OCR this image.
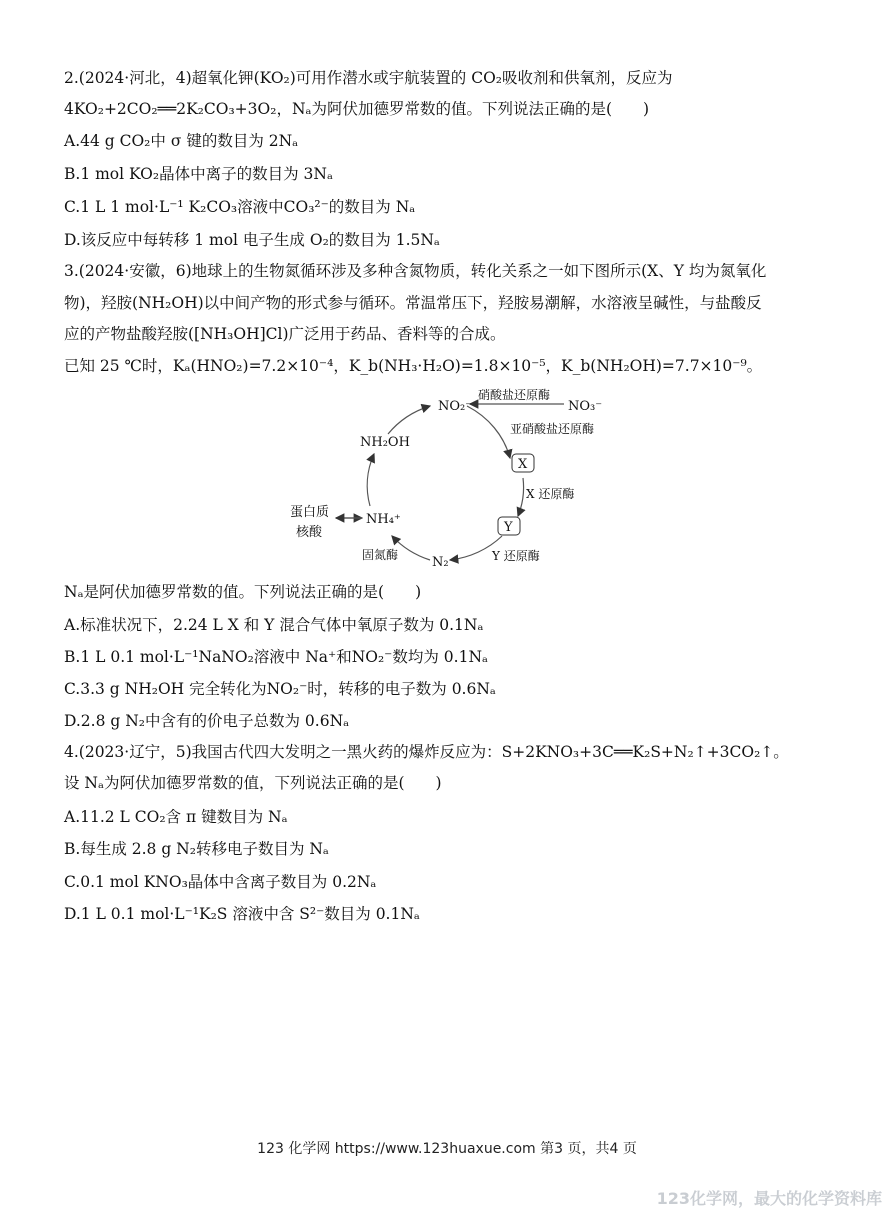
2.(2024·河北，4)超氧化钾(KO₂)可用作潜水或宇航装置的 CO₂吸收剂和供氧剂，反应为
4KO₂+2CO₂══2K₂CO₃+3O₂，Nₐ为阿伏加德罗常数的值。下列说法正确的是(　　)
A.44 g CO₂中 σ 键的数目为 2Nₐ
B.1 mol KO₂晶体中离子的数目为 3Nₐ
C.1 L 1 mol·L⁻¹ K₂CO₃溶液中CO₃²⁻的数目为 Nₐ
D.该反应中每转移 1 mol 电子生成 O₂的数目为 1.5Nₐ
3.(2024·安徽，6)地球上的生物氮循环涉及多种含氮物质，转化关系之一如下图所示(X、Y 均为氮氧化
物)，羟胺(NH₂OH)以中间产物的形式参与循环。常温常压下，羟胺易潮解，水溶液呈碱性，与盐酸反
应的产物盐酸羟胺([NH₃OH]Cl)广泛用于药品、香料等的合成。
已知 25 ℃时，Kₐ(HNO₂)=7.2×10⁻⁴，K_b(NH₃·H₂O)=1.8×10⁻⁵，K_b(NH₂OH)=7.7×10⁻⁹。
NO₂⁻	NO₃⁻
硝酸盐还原酶
亚硝酸盐还原酶
NH₂OH
X
X 还原酶
Y
Y 还原酶
N₂
固氮酶
NH₄⁺
蛋白质
核酸
Nₐ是阿伏加德罗常数的值。下列说法正确的是(　　)
A.标准状况下，2.24 L X 和 Y 混合气体中氧原子数为 0.1Nₐ
B.1 L 0.1 mol·L⁻¹NaNO₂溶液中 Na⁺和NO₂⁻数均为 0.1Nₐ
C.3.3 g NH₂OH 完全转化为NO₂⁻时，转移的电子数为 0.6Nₐ
D.2.8 g N₂中含有的价电子总数为 0.6Nₐ
4.(2023·辽宁，5)我国古代四大发明之一黑火药的爆炸反应为：S+2KNO₃+3C══K₂S+N₂↑+3CO₂↑。
设 Nₐ为阿伏加德罗常数的值，下列说法正确的是(　　)
A.11.2 L CO₂含 π 键数目为 Nₐ
B.每生成 2.8 g N₂转移电子数目为 Nₐ
C.0.1 mol KNO₃晶体中含离子数目为 0.2Nₐ
D.1 L 0.1 mol·L⁻¹K₂S 溶液中含 S²⁻数目为 0.1Nₐ
123 化学网 https://www.123huaxue.com 第3 页，共4 页
123化学网，最大的化学资料库
